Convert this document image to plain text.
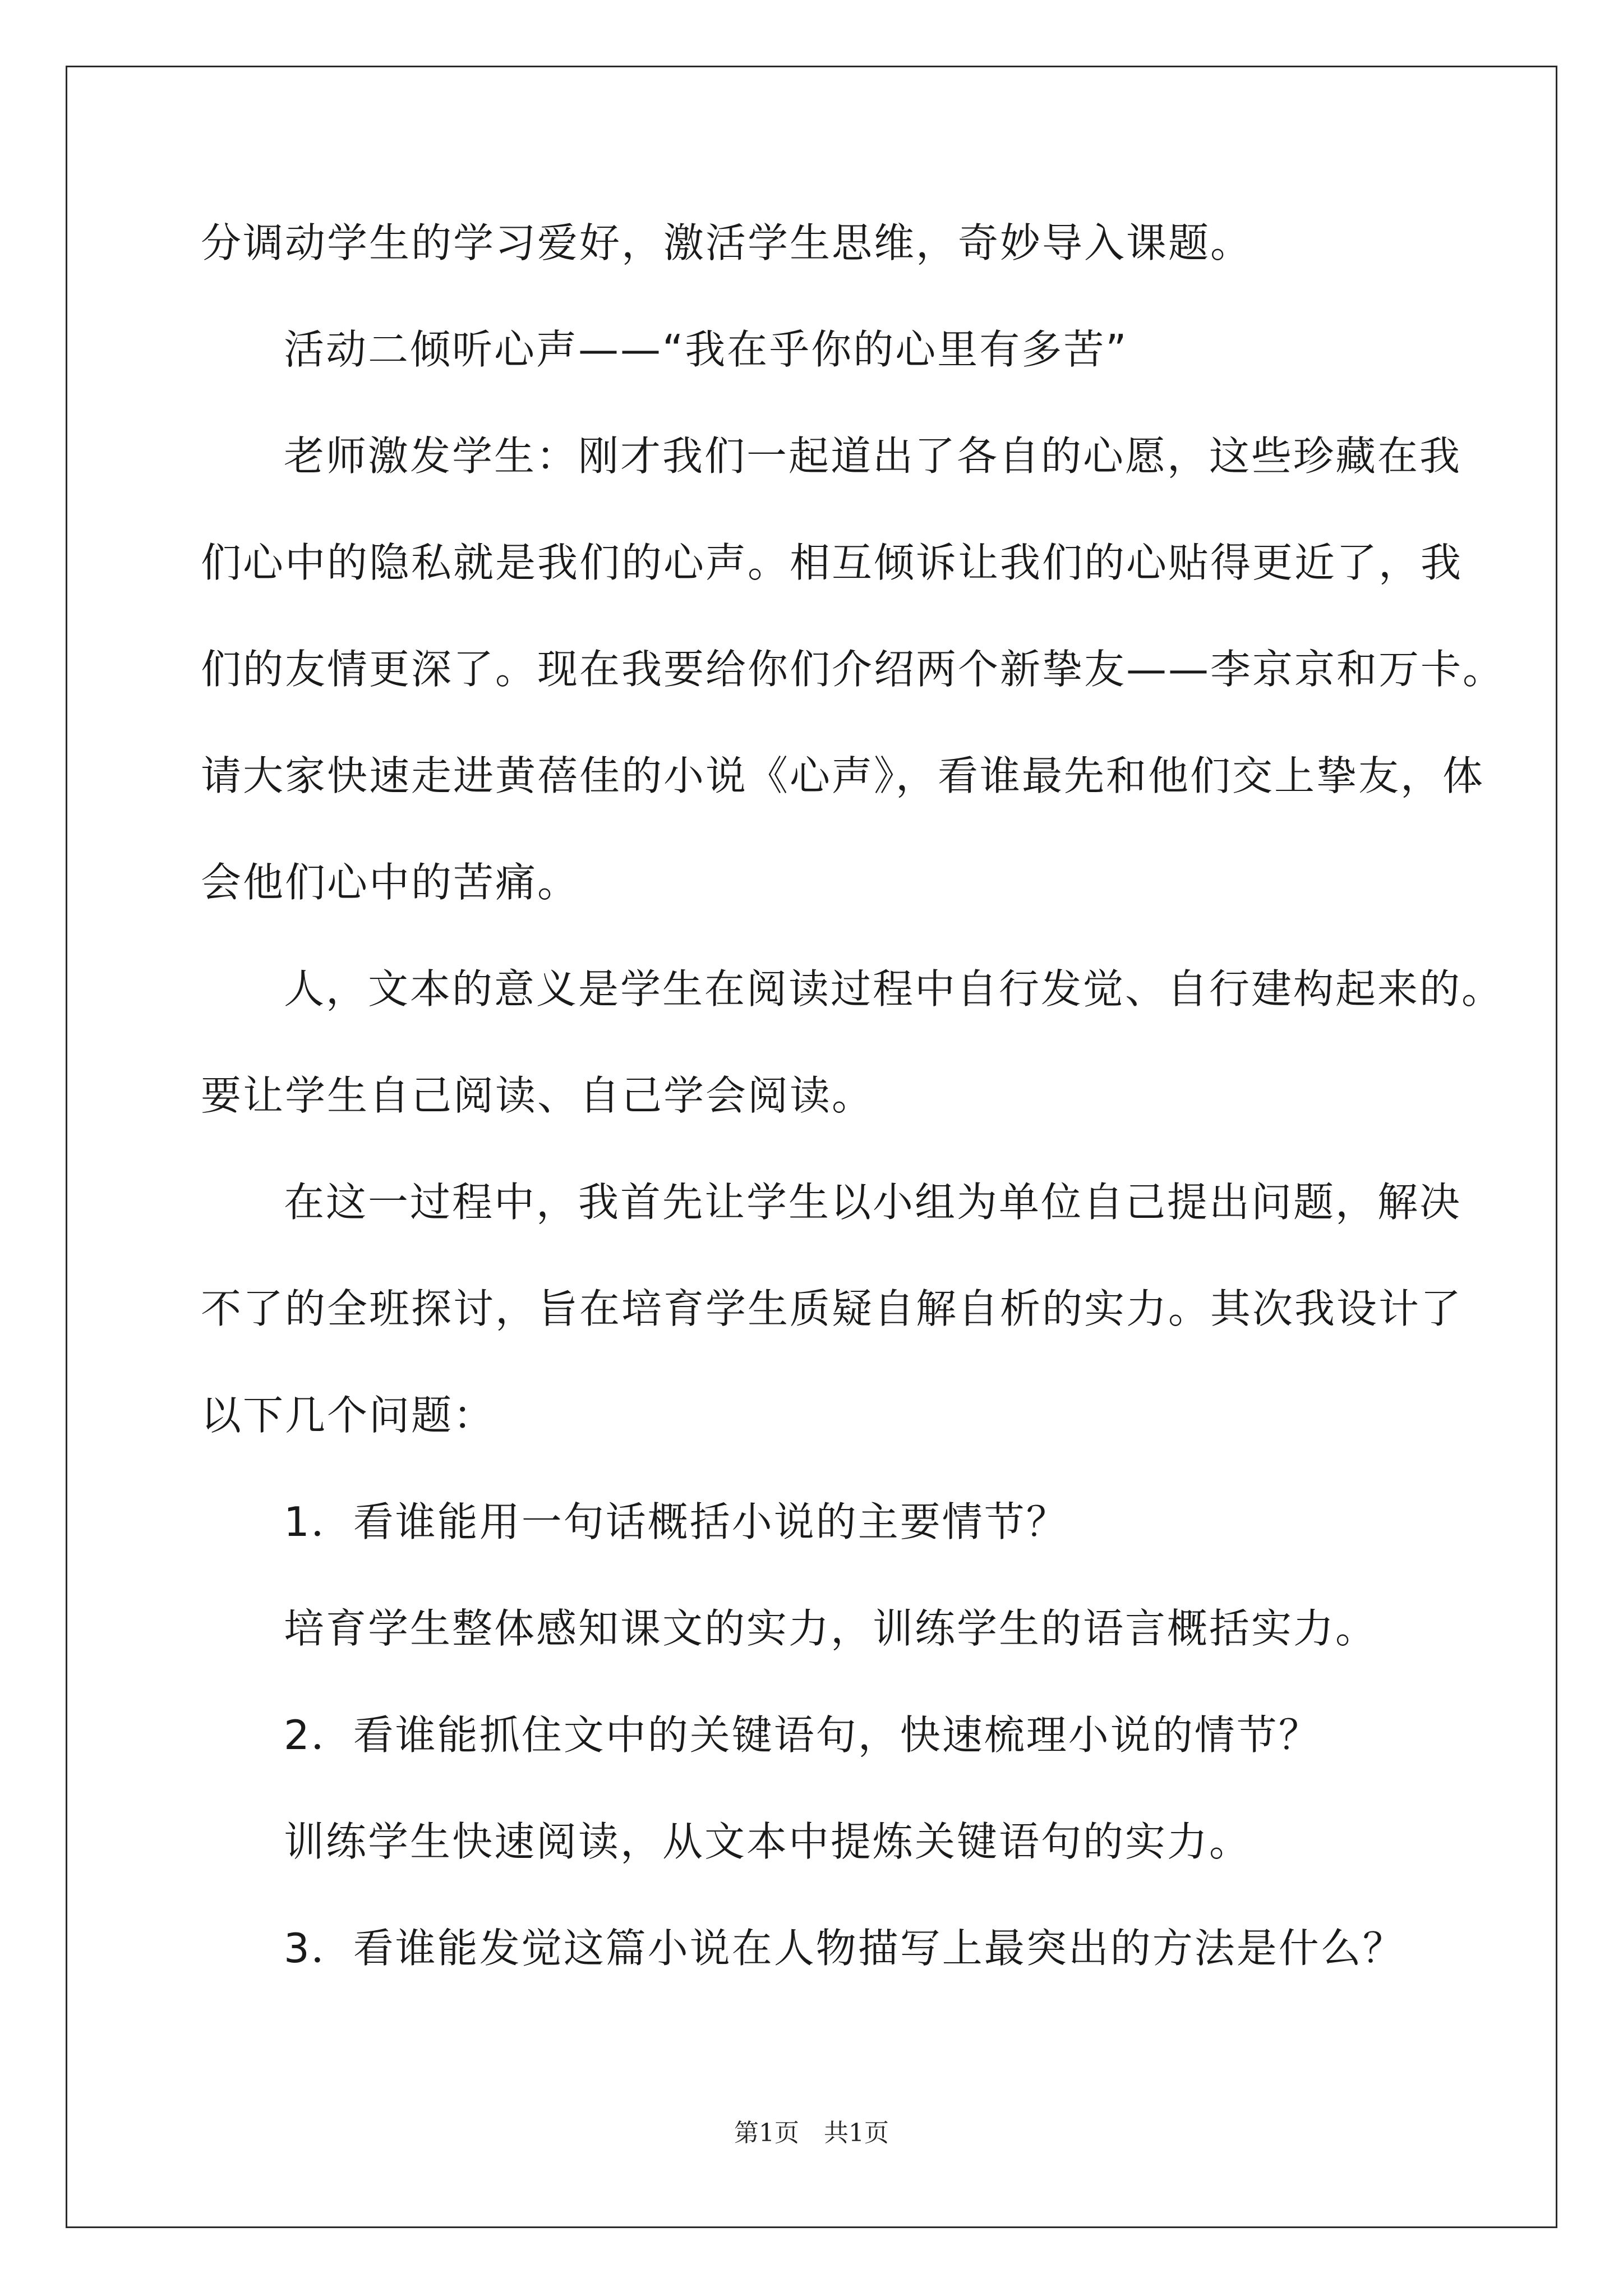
分调动学生的学习爱好，激活学生思维，奇妙导入课题。
活动二倾听心声——“我在乎你的心里有多苦”
老师激发学生：刚才我们一起道出了各自的心愿，这些珍藏在我
们心中的隐私就是我们的心声。相互倾诉让我们的心贴得更近了，我
们的友情更深了。现在我要给你们介绍两个新挚友——李京京和万卡。
请大家快速走进黄蓓佳的小说《心声》，看谁最先和他们交上挚友，体
会他们心中的苦痛。
人，文本的意义是学生在阅读过程中自行发觉、自行建构起来的。
要让学生自己阅读、自己学会阅读。
在这一过程中，我首先让学生以小组为单位自己提出问题，解决
不了的全班探讨，旨在培育学生质疑自解自析的实力。其次我设计了
以下几个问题：
1．看谁能用一句话概括小说的主要情节？
培育学生整体感知课文的实力，训练学生的语言概括实力。
2．看谁能抓住文中的关键语句，快速梳理小说的情节？
训练学生快速阅读，从文本中提炼关键语句的实力。
3．看谁能发觉这篇小说在人物描写上最突出的方法是什么？
第1页　共1页
